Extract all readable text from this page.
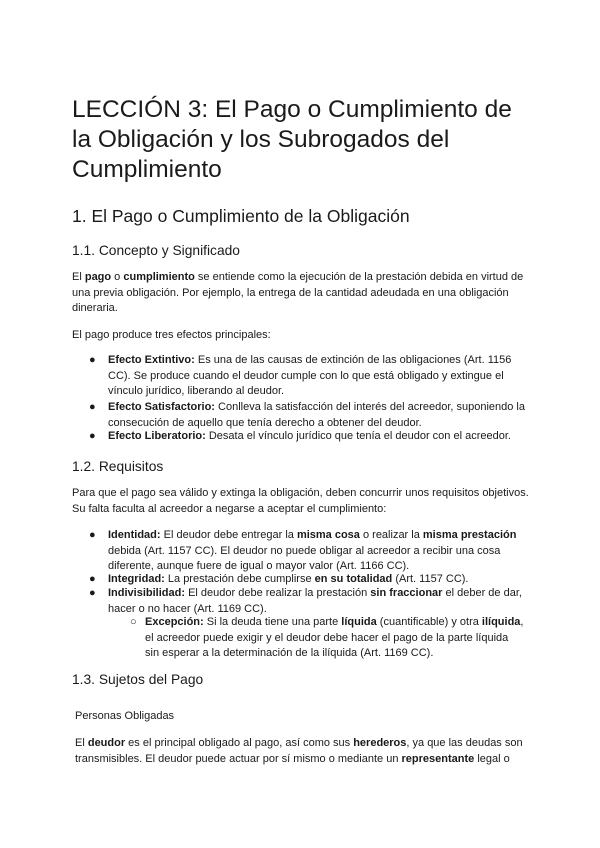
LECCIÓN 3: El Pago o Cumplimiento de la Obligación y los Subrogados del Cumplimiento
1. El Pago o Cumplimiento de la Obligación
1.1. Concepto y Significado

El pago o cumplimiento se entiende como la ejecución de la prestación debida en virtud de una previa obligación. Por ejemplo, la entrega de la cantidad adeudada en una obligación dineraria.

El pago produce tres efectos principales:

● Efecto Extintivo: Es una de las causas de extinción de las obligaciones (Art. 1156 CC). Se produce cuando el deudor cumple con lo que está obligado y extingue el vínculo jurídico, liberando al deudor.
● Efecto Satisfactorio: Conlleva la satisfacción del interés del acreedor, suponiendo la consecución de aquello que tenía derecho a obtener del deudor.
● Efecto Liberatorio: Desata el vínculo jurídico que tenía el deudor con el acreedor.
1.2. Requisitos

Para que el pago sea válido y extinga la obligación, deben concurrir unos requisitos objetivos. Su falta faculta al acreedor a negarse a aceptar el cumplimiento:

● Identidad: El deudor debe entregar la misma cosa o realizar la misma prestación debida (Art. 1157 CC). El deudor no puede obligar al acreedor a recibir una cosa diferente, aunque fuere de igual o mayor valor (Art. 1166 CC).
● Integridad: La prestación debe cumplirse en su totalidad (Art. 1157 CC).
● Indivisibilidad: El deudor debe realizar la prestación sin fraccionar el deber de dar, hacer o no hacer (Art. 1169 CC).
○ Excepción: Si la deuda tiene una parte líquida (cuantificable) y otra ilíquida, el acreedor puede exigir y el deudor debe hacer el pago de la parte líquida sin esperar a la determinación de la ilíquida (Art. 1169 CC).
1.3. Sujetos del Pago

Personas Obligadas

El deudor es el principal obligado al pago, así como sus herederos, ya que las deudas son transmisibles. El deudor puede actuar por sí mismo o mediante un representante legal o
